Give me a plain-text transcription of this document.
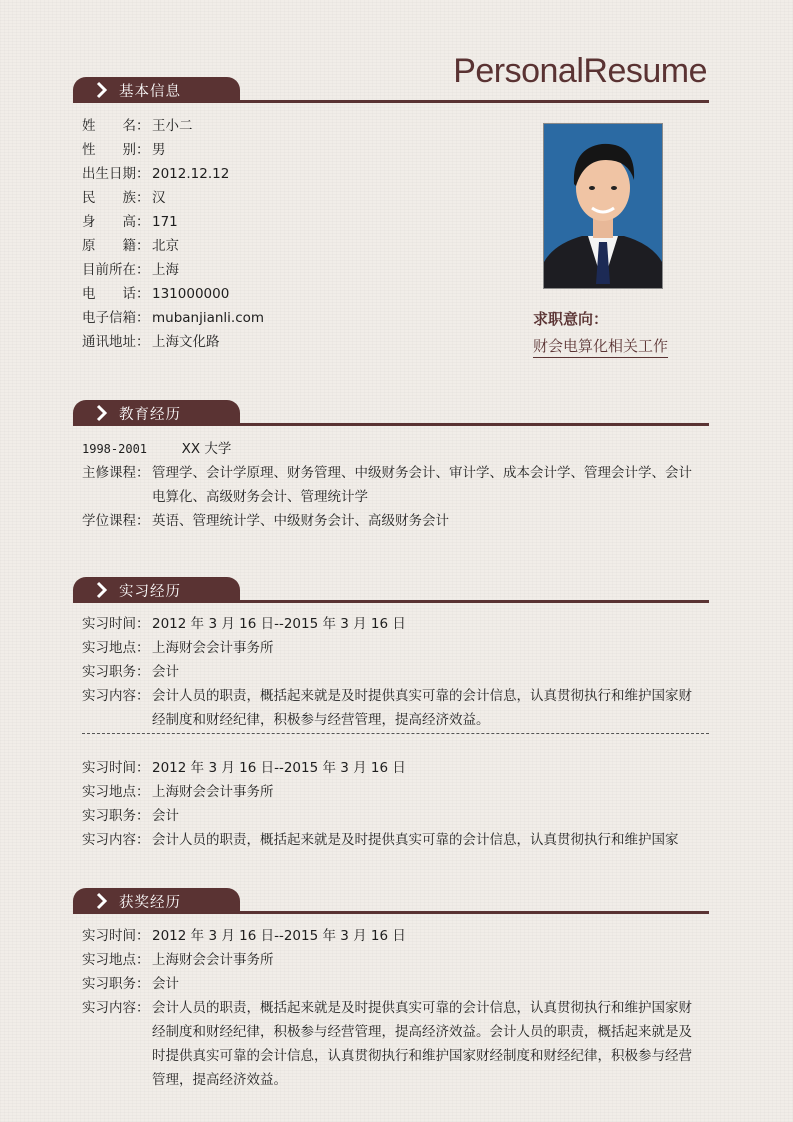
PersonalResume
基本信息
姓　　名： 王小二
性　　别： 男
出生日期： 2012.12.12
民　　族： 汉
身　　高： 171
原　　籍： 北京
目前所在： 上海
电　　话： 131000000
电子信箱： mubanjianli.com
通讯地址： 上海文化路
求职意向：
财会电算化相关工作
教育经历
1998-2001	XX 大学
主修课程： 管理学、会计学原理、财务管理、中级财务会计、审计学、成本会计学、管理会计学、会计电算化、高级财务会计、管理统计学
学位课程： 英语、管理统计学、中级财务会计、高级财务会计
实习经历
实习时间： 2012 年 3 月 16 日--2015 年 3 月 16 日
实习地点： 上海财会会计事务所
实习职务： 会计
实习内容： 会计人员的职责，概括起来就是及时提供真实可靠的会计信息，认真贯彻执行和维护国家财经制度和财经纪律，积极参与经营管理，提高经济效益。
实习时间： 2012 年 3 月 16 日--2015 年 3 月 16 日
实习地点： 上海财会会计事务所
实习职务： 会计
实习内容： 会计人员的职责，概括起来就是及时提供真实可靠的会计信息，认真贯彻执行和维护国家
获奖经历
实习时间： 2012 年 3 月 16 日--2015 年 3 月 16 日
实习地点： 上海财会会计事务所
实习职务： 会计
实习内容： 会计人员的职责，概括起来就是及时提供真实可靠的会计信息，认真贯彻执行和维护国家财经制度和财经纪律，积极参与经营管理，提高经济效益。会计人员的职责，概括起来就是及时提供真实可靠的会计信息，认真贯彻执行和维护国家财经制度和财经纪律，积极参与经营管理，提高经济效益。
